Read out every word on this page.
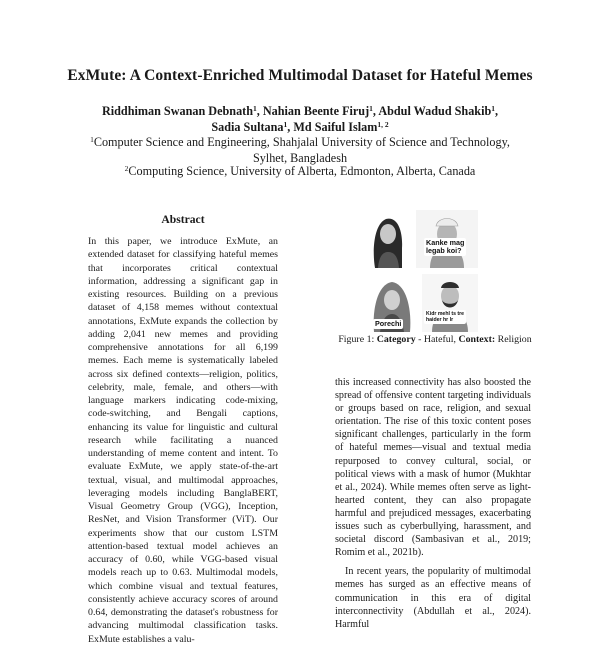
ExMute: A Context-Enriched Multimodal Dataset for Hateful Memes
Riddhiman Swanan Debnath$^1$, Nahian Beente Firuj$^1$, Abdul Wadud Shakib$^1$,
Sadia Sultana$^1$, Md Saiful Islam$^{1, 2}$
$^1$Computer Science and Engineering, Shahjalal University of Science and Technology,
Sylhet, Bangladesh
$^2$Computing Science, University of Alberta, Edmonton, Alberta, Canada
Abstract
In this paper, we introduce ExMute, an extended dataset for classifying hateful memes that incorporates critical contextual information, addressing a significant gap in existing resources. Building on a previous dataset of 4,158 memes without contextual annotations, ExMute expands the collection by adding 2,041 new memes and providing comprehensive annotations for all 6,199 memes. Each meme is systematically labeled across six defined contexts—religion, politics, celebrity, male, female, and others—with language markers indicating code-mixing, code-switching, and Bengali captions, enhancing its value for linguistic and cultural research while facilitating a nuanced understanding of meme content and intent. To evaluate ExMute, we apply state-of-the-art textual, visual, and multimodal approaches, leveraging models including BanglaBERT, Visual Geometry Group (VGG), Inception, ResNet, and Vision Transformer (ViT). Our experiments show that our custom LSTM attention-based textual model achieves an accuracy of 0.60, while VGG-based visual models reach up to 0.63. Multimodal models, which combine visual and textual features, consistently achieve accuracy scores of around 0.64, demonstrating the dataset's robustness for advancing multimodal classification tasks. ExMute establishes a valu-
Kanke mag
legab koi?
Porechi
Kidr mehl ts tre
haider hr lr
Figure 1: Category - Hateful, Context: Religion

this increased connectivity has also boosted the spread of offensive content targeting individuals or groups based on race, religion, and sexual orientation. The rise of this toxic content poses significant challenges, particularly in the form of hateful memes—visual and textual media repurposed to convey cultural, social, or political views with a mask of humor (Mukhtar et al., 2024). While memes often serve as light-hearted content, they can also propagate harmful and prejudiced messages, exacerbating issues such as cyberbullying, harassment, and societal discord (Sambasivan et al., 2019; Romim et al., 2021b).

In recent years, the popularity of multimodal memes has surged as an effective means of communication in this era of digital interconnectivity (Abdullah et al., 2024). Harmful
